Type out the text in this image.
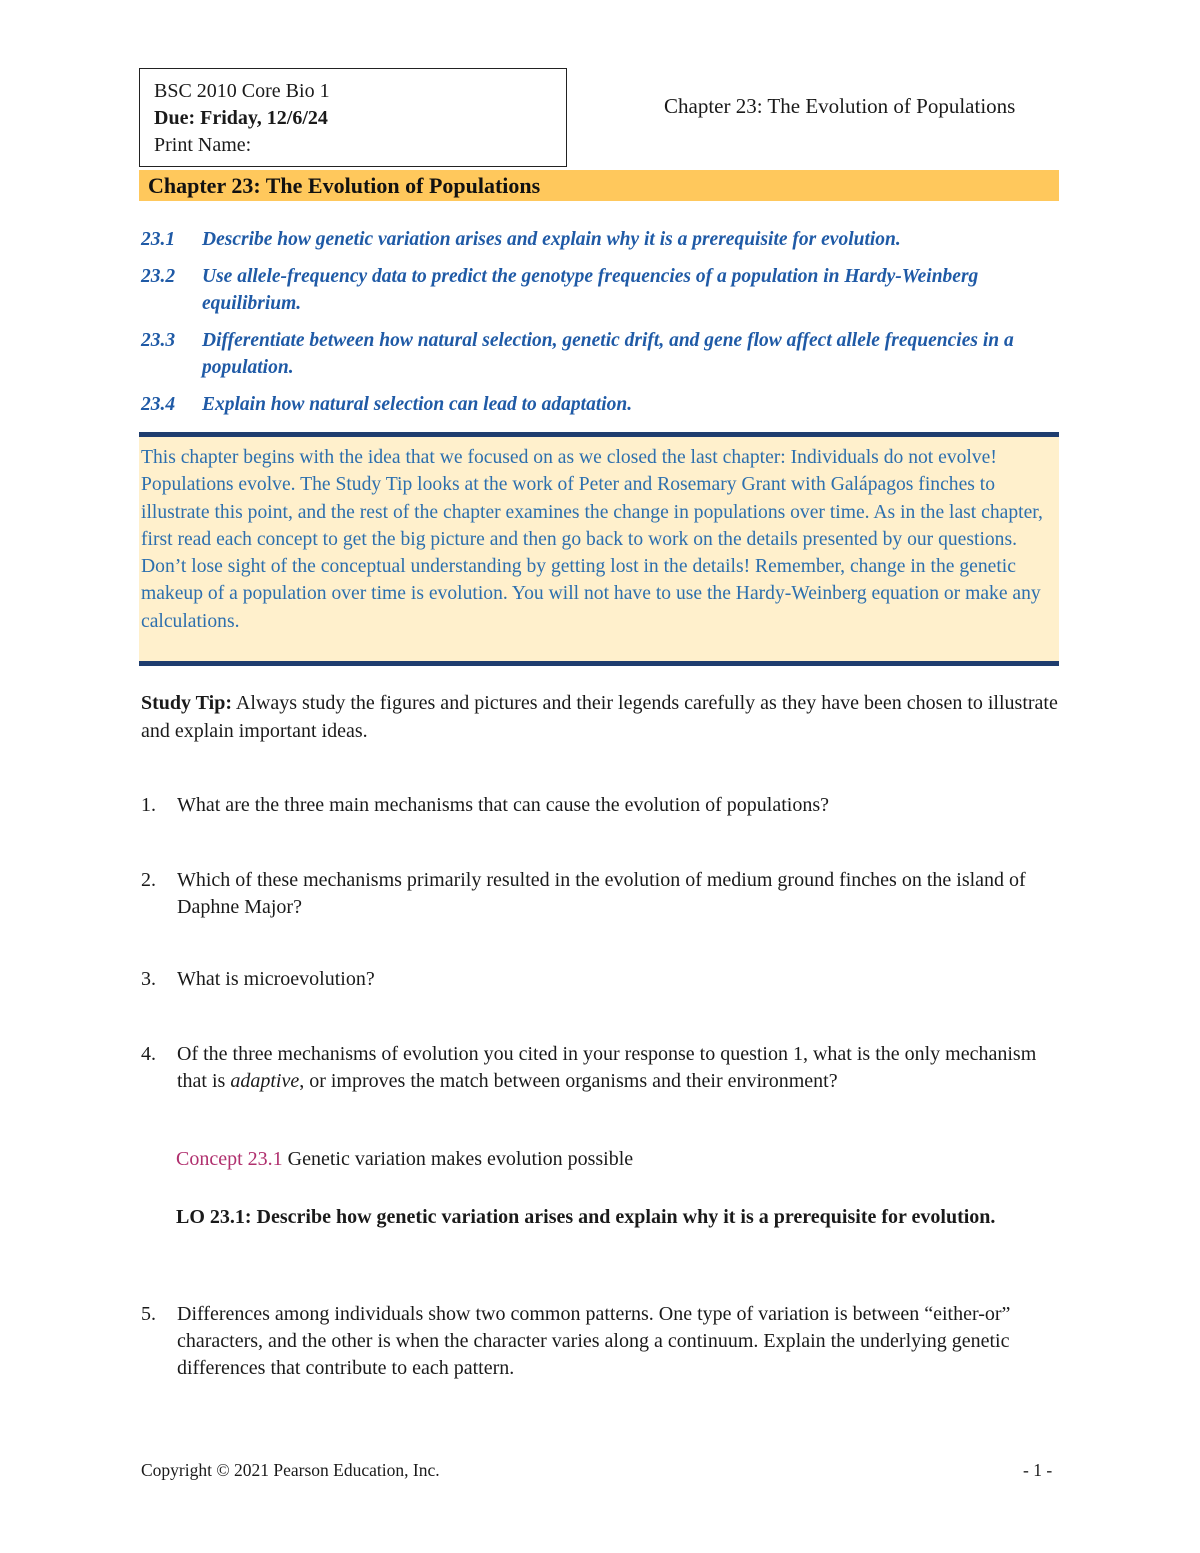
BSC 2010 Core Bio 1
Due: Friday, 12/6/24
Print Name:
Chapter 23: The Evolution of Populations
Chapter 23: The Evolution of Populations
23.1	Describe how genetic variation arises and explain why it is a prerequisite for evolution.
23.2	Use allele-frequency data to predict the genotype frequencies of a population in Hardy-Weinberg equilibrium.
23.3	Differentiate between how natural selection, genetic drift, and gene flow affect allele frequencies in a population.
23.4	Explain how natural selection can lead to adaptation.
This chapter begins with the idea that we focused on as we closed the last chapter: Individuals do not evolve! Populations evolve. The Study Tip looks at the work of Peter and Rosemary Grant with Galápagos finches to illustrate this point, and the rest of the chapter examines the change in populations over time. As in the last chapter, first read each concept to get the big picture and then go back to work on the details presented by our questions. Don’t lose sight of the conceptual understanding by getting lost in the details! Remember, change in the genetic makeup of a population over time is evolution. You will not have to use the Hardy-Weinberg equation or make any calculations.
Study Tip: Always study the figures and pictures and their legends carefully as they have been chosen to illustrate and explain important ideas.
1.	What are the three main mechanisms that can cause the evolution of populations?
2.	Which of these mechanisms primarily resulted in the evolution of medium ground finches on the island of Daphne Major?
3.	What is microevolution?
4.	Of the three mechanisms of evolution you cited in your response to question 1, what is the only mechanism that is adaptive, or improves the match between organisms and their environment?
Concept 23.1 Genetic variation makes evolution possible
LO 23.1: Describe how genetic variation arises and explain why it is a prerequisite for evolution.
5.	Differences among individuals show two common patterns. One type of variation is between “either-or” characters, and the other is when the character varies along a continuum. Explain the underlying genetic differences that contribute to each pattern.
Copyright © 2021 Pearson Education, Inc.	- 1 -
